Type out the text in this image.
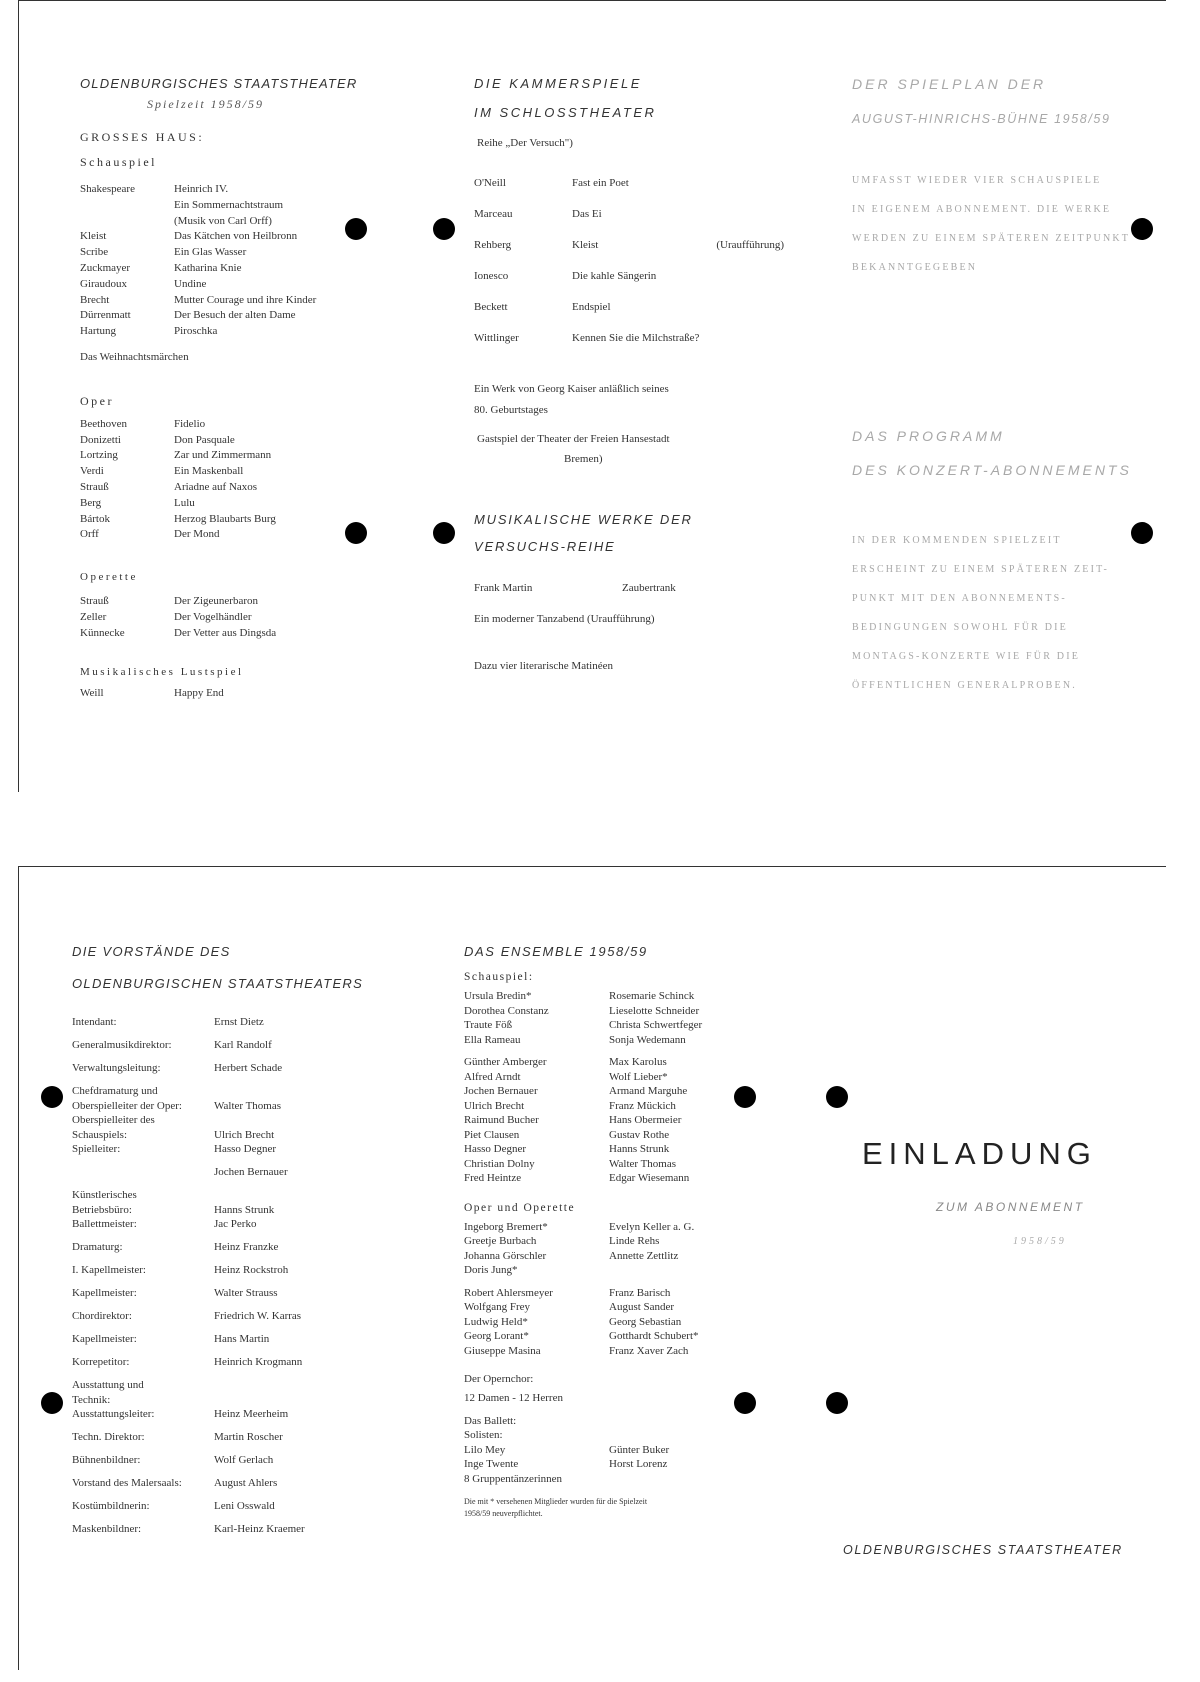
OLDENBURGISCHES STAATSTHEATER
Spielzeit 1958/59
GROSSES HAUS:
Schauspiel
Shakespeare	Heinrich IV.
Ein Sommernachtstraum
(Musik von Carl Orff)
Kleist	Das Kätchen von Heilbronn
Scribe	Ein Glas Wasser
Zuckmayer	Katharina Knie
Giraudoux	Undine
Brecht	Mutter Courage und ihre Kinder
Dürrenmatt	Der Besuch der alten Dame
Hartung	Piroschka
Das Weihnachtsmärchen
Oper
Beethoven	Fidelio
Donizetti	Don Pasquale
Lortzing	Zar und Zimmermann
Verdi	Ein Maskenball
Strauß	Ariadne auf Naxos
Berg	Lulu
Bártok	Herzog Blaubarts Burg
Orff	Der Mond
Operette
Strauß	Der Zigeunerbaron
Zeller	Der Vogelhändler
Künnecke	Der Vetter aus Dingsda
Musikalisches Lustspiel
Weill	Happy End
DIE KAMMERSPIELE
IM SCHLOSSTHEATER
Reihe „Der Versuch")
O'Neill	Fast ein Poet
Marceau	Das Ei
Rehberg	Kleist	(Uraufführung)
Ionesco	Die kahle Sängerin
Beckett	Endspiel
Wittlinger	Kennen Sie die Milchstraße?
Ein Werk von Georg Kaiser anläßlich seines
80. Geburtstages
Gastspiel der Theater der Freien Hansestadt
Bremen)
MUSIKALISCHE WERKE DER
VERSUCHS-REIHE
Frank Martin	Zaubertrank
Ein moderner Tanzabend (Uraufführung)
Dazu vier literarische Matinéen
DER SPIELPLAN DER
AUGUST-HINRICHS-BÜHNE 1958/59
UMFASST WIEDER VIER SCHAUSPIELE
IN EIGENEM ABONNEMENT. DIE WERKE
WERDEN ZU EINEM SPÄTEREN ZEITPUNKT
BEKANNTGEGEBEN
DAS PROGRAMM
DES KONZERT-ABONNEMENTS
IN DER KOMMENDEN SPIELZEIT
ERSCHEINT ZU EINEM SPÄTEREN ZEIT-
PUNKT MIT DEN ABONNEMENTS-
BEDINGUNGEN SOWOHL FÜR DIE
MONTAGS-KONZERTE WIE FÜR DIE
ÖFFENTLICHEN GENERALPROBEN.
DIE VORSTÄNDE DES
OLDENBURGISCHEN STAATSTHEATERS
Intendant:	Ernst Dietz
Generalmusikdirektor:	Karl Randolf
Verwaltungsleitung:	Herbert Schade
Chefdramaturg und
Oberspielleiter der Oper:	
Walter Thomas
Oberspielleiter des
Schauspiels:	
Ulrich Brecht
Spielleiter:	Hasso Degner
Jochen Bernauer
Künstlerisches
Betriebsbüro:	
Hanns Strunk
Ballettmeister:	Jac Perko
Dramaturg:	Heinz Franzke
I. Kapellmeister:	Heinz Rockstroh
Kapellmeister:	Walter Strauss
Chordirektor:	Friedrich W. Karras
Kapellmeister:	Hans Martin
Korrepetitor:	Heinrich Krogmann
Ausstattung und
Technik:
Ausstattungsleiter:	Heinz Meerheim
Techn. Direktor:	Martin Roscher
Bühnenbildner:	Wolf Gerlach
Vorstand des Malersaals:	August Ahlers
Kostümbildnerin:	Leni Osswald
Maskenbildner:	Karl-Heinz Kraemer
DAS ENSEMBLE 1958/59
Schauspiel:
Ursula Bredin*	Rosemarie Schinck
Dorothea Constanz	Lieselotte Schneider
Traute Föß	Christa Schwertfeger
Ella Rameau	Sonja Wedemann
Günther Amberger	Max Karolus
Alfred Arndt	Wolf Lieber*
Jochen Bernauer	Armand Marguhe
Ulrich Brecht	Franz Mückich
Raimund Bucher	Hans Obermeier
Piet Clausen	Gustav Rothe
Hasso Degner	Hanns Strunk
Christian Dolny	Walter Thomas
Fred Heintze	Edgar Wiesemann
Oper und Operette
Ingeborg Bremert*	Evelyn Keller a. G.
Greetje Burbach	Linde Rehs
Johanna Görschler	Annette Zettlitz
Doris Jung*
Robert Ahlersmeyer	Franz Barisch
Wolfgang Frey	August Sander
Ludwig Held*	Georg Sebastian
Georg Lorant*	Gotthardt Schubert*
Giuseppe Masina	Franz Xaver Zach
Der Opernchor:
12 Damen - 12 Herren
Das Ballett:
Solisten:
Lilo Mey	Günter Buker
Inge Twente	Horst Lorenz
8 Gruppentänzerinnen
Die mit * versehenen Mitglieder wurden für die Spielzeit
1958/59 neuverpflichtet.
EINLADUNG
ZUM ABONNEMENT
1958/59
OLDENBURGISCHES STAATSTHEATER
